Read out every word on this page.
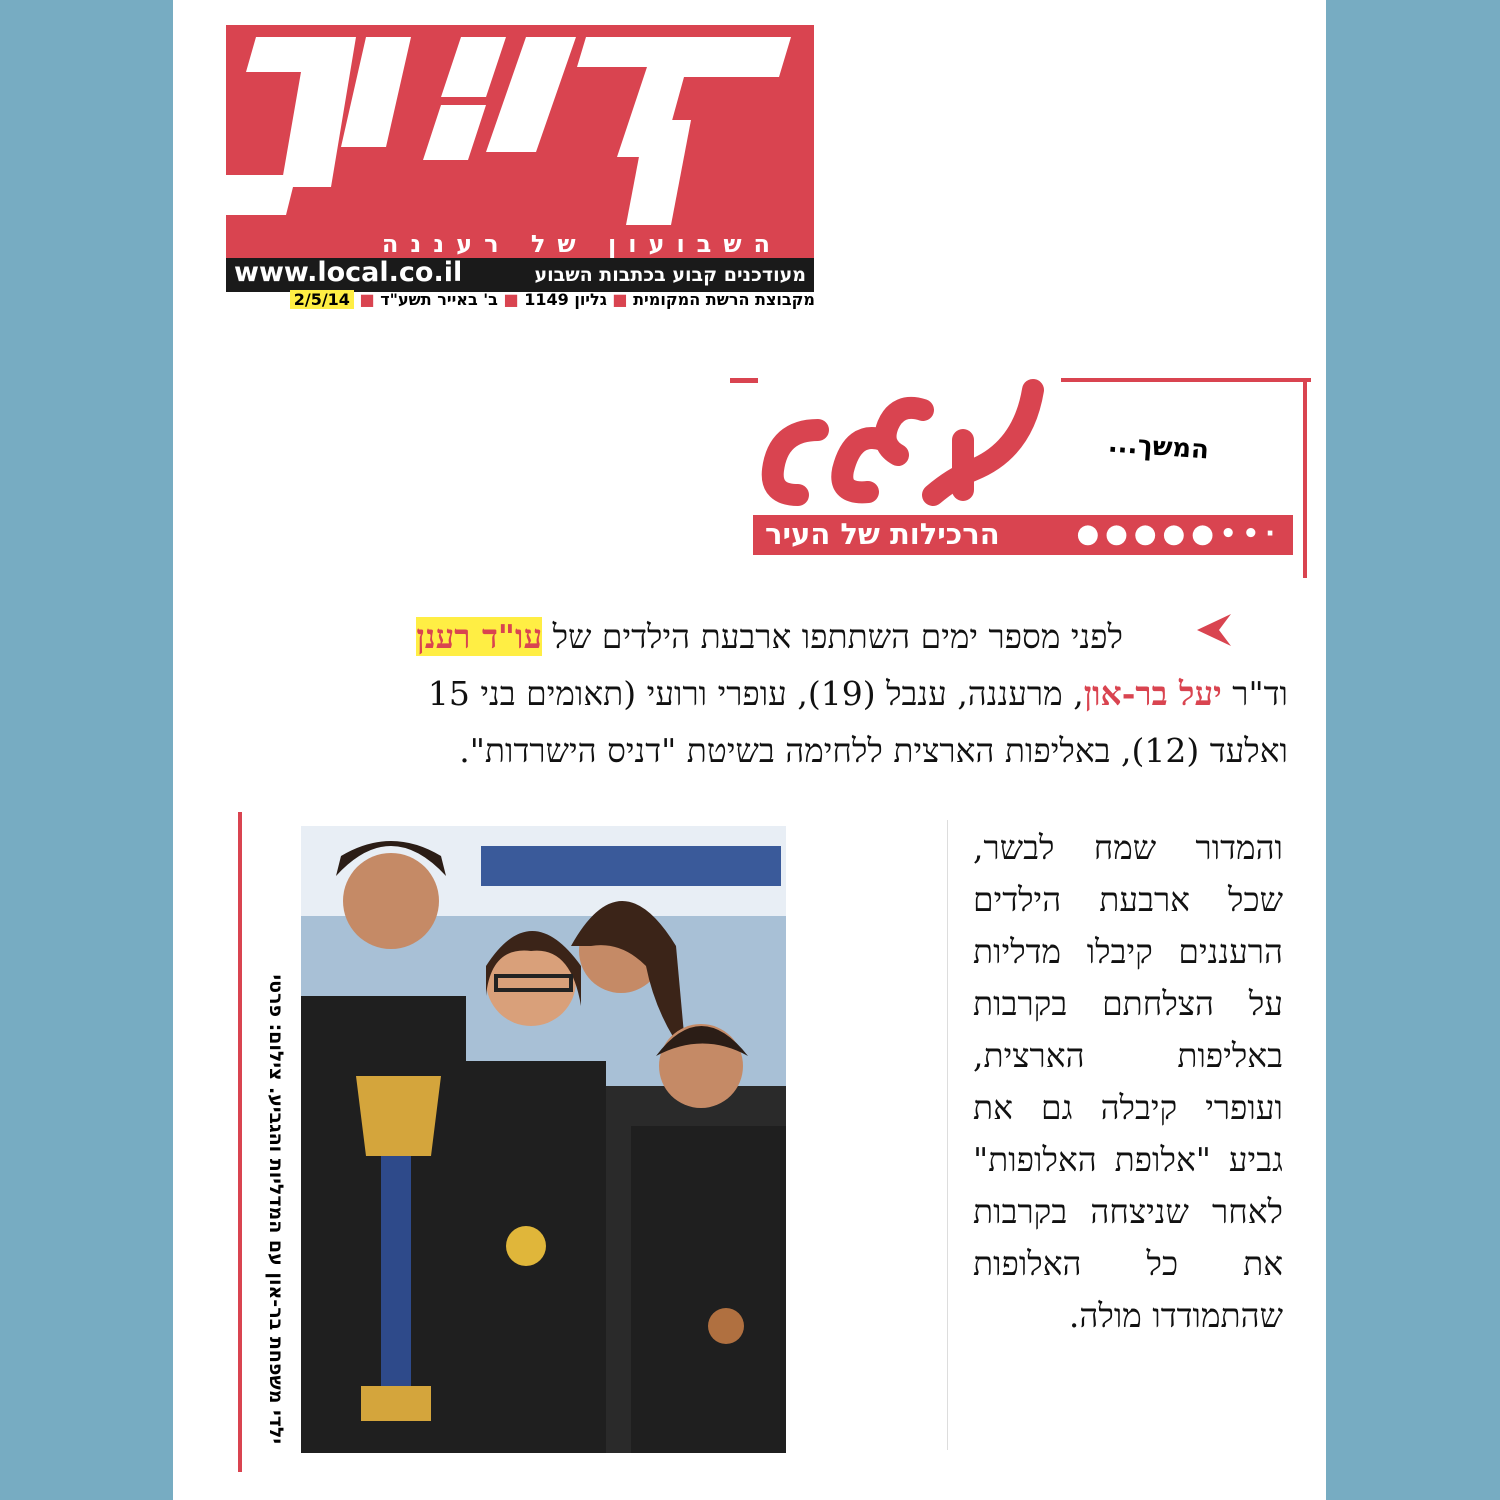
השבועון של רעננה
www.local.co.il	מעודכנים קבוע בכתבות השבוע
מקבוצת הרשת המקומית ■ גליון 1149 ■ ב' באייר תשע"ד ■ 2/5/14
המשך...
הרכילות של העיר	●●●●●••·
לפני מספר ימים השתתפו ארבעת הילדים של עו"ד רענן
וד"ר יעל בר-און, מרעננה, ענבל (19), עופרי ורועי (תאומים בני 15
ואלעד (12), באליפות הארצית ללחימה בשיטת "דניס הישרדות".
ילדי משפחת בר-און עם המדליות והגביע. צילום: פרטי
והמדור שמח לבשר, שכל ארבעת הילדים הרעננים קיבלו מדליות על הצלחתם בקרבות באליפות הארצית, ועופרי קיבלה גם את גביע "אלופת האלופות" לאחר שניצחה בקרבות את כל האלופות שהתמודדו מולה.
